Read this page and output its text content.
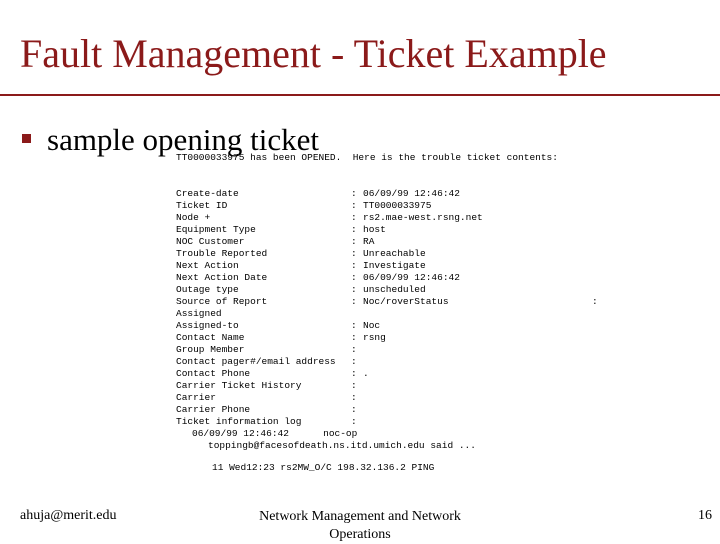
Fault Management - Ticket Example
sample opening ticket
TT0000033975 has been OPENED.  Here is the trouble ticket contents:
Create-date	: 06/09/99 12:46:42
Ticket ID	: TT0000033975
Node +	: rs2.mae-west.rsng.net
Equipment Type	: host
NOC Customer	: RA
Trouble Reported	: Unreachable
Next Action	: Investigate
Next Action Date	: 06/09/99 12:46:42
Outage type	: unscheduled
Source of Report	: Noc/roverStatus	:
Assigned
Assigned-to	: Noc
Contact Name	: rsng
Group Member	:
Contact pager#/email address :
Contact Phone	: .
Carrier Ticket History	:
Carrier	:
Carrier Phone	:
Ticket information log	:
06/09/99 12:46:42      noc-op
toppingb@facesofdeath.ns.itd.umich.edu said ...
11 Wed12:23 rs2MW_O/C 198.32.136.2 PING
ahuja@merit.edu	Network Management and Network Operations
16
